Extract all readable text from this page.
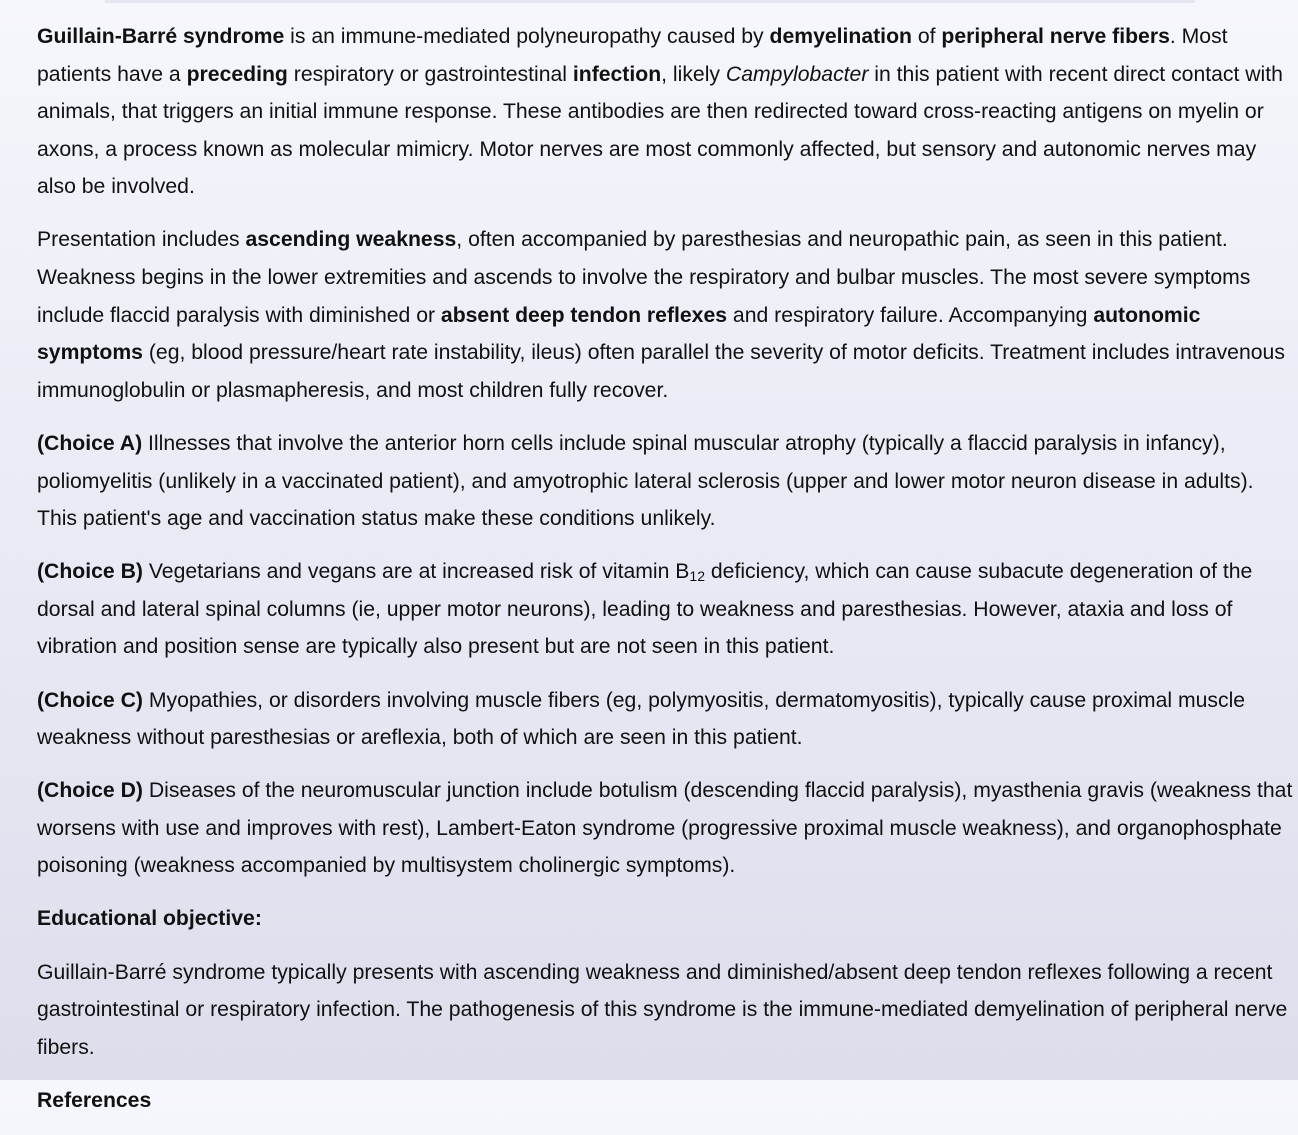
Guillain-Barré syndrome is an immune-mediated polyneuropathy caused by demyelination of peripheral nerve fibers. Most patients have a preceding respiratory or gastrointestinal infection, likely Campylobacter in this patient with recent direct contact with animals, that triggers an initial immune response. These antibodies are then redirected toward cross-reacting antigens on myelin or axons, a process known as molecular mimicry. Motor nerves are most commonly affected, but sensory and autonomic nerves may also be involved.

Presentation includes ascending weakness, often accompanied by paresthesias and neuropathic pain, as seen in this patient. Weakness begins in the lower extremities and ascends to involve the respiratory and bulbar muscles. The most severe symptoms include flaccid paralysis with diminished or absent deep tendon reflexes and respiratory failure. Accompanying autonomic symptoms (eg, blood pressure/heart rate instability, ileus) often parallel the severity of motor deficits. Treatment includes intravenous immunoglobulin or plasmapheresis, and most children fully recover.

(Choice A) Illnesses that involve the anterior horn cells include spinal muscular atrophy (typically a flaccid paralysis in infancy), poliomyelitis (unlikely in a vaccinated patient), and amyotrophic lateral sclerosis (upper and lower motor neuron disease in adults). This patient's age and vaccination status make these conditions unlikely.

(Choice B) Vegetarians and vegans are at increased risk of vitamin $B_{12}$ deficiency, which can cause subacute degeneration of the dorsal and lateral spinal columns (ie, upper motor neurons), leading to weakness and paresthesias. However, ataxia and loss of vibration and position sense are typically also present but are not seen in this patient.

(Choice C) Myopathies, or disorders involving muscle fibers (eg, polymyositis, dermatomyositis), typically cause proximal muscle weakness without paresthesias or areflexia, both of which are seen in this patient.

(Choice D) Diseases of the neuromuscular junction include botulism (descending flaccid paralysis), myasthenia gravis (weakness that worsens with use and improves with rest), Lambert-Eaton syndrome (progressive proximal muscle weakness), and organophosphate poisoning (weakness accompanied by multisystem cholinergic symptoms).

Educational objective:

Guillain-Barré syndrome typically presents with ascending weakness and diminished/absent deep tendon reflexes following a recent gastrointestinal or respiratory infection. The pathogenesis of this syndrome is the immune-mediated demyelination of peripheral nerve fibers.

References
